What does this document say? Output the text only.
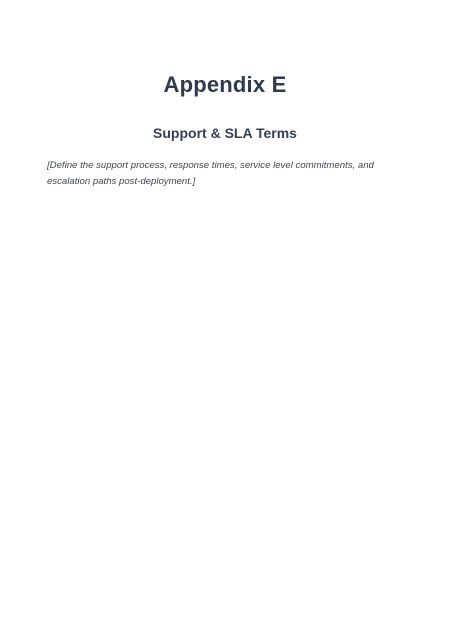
Appendix E
Support & SLA Terms

[Define the support process, response times, service level commitments, and escalation paths post-deployment.]
